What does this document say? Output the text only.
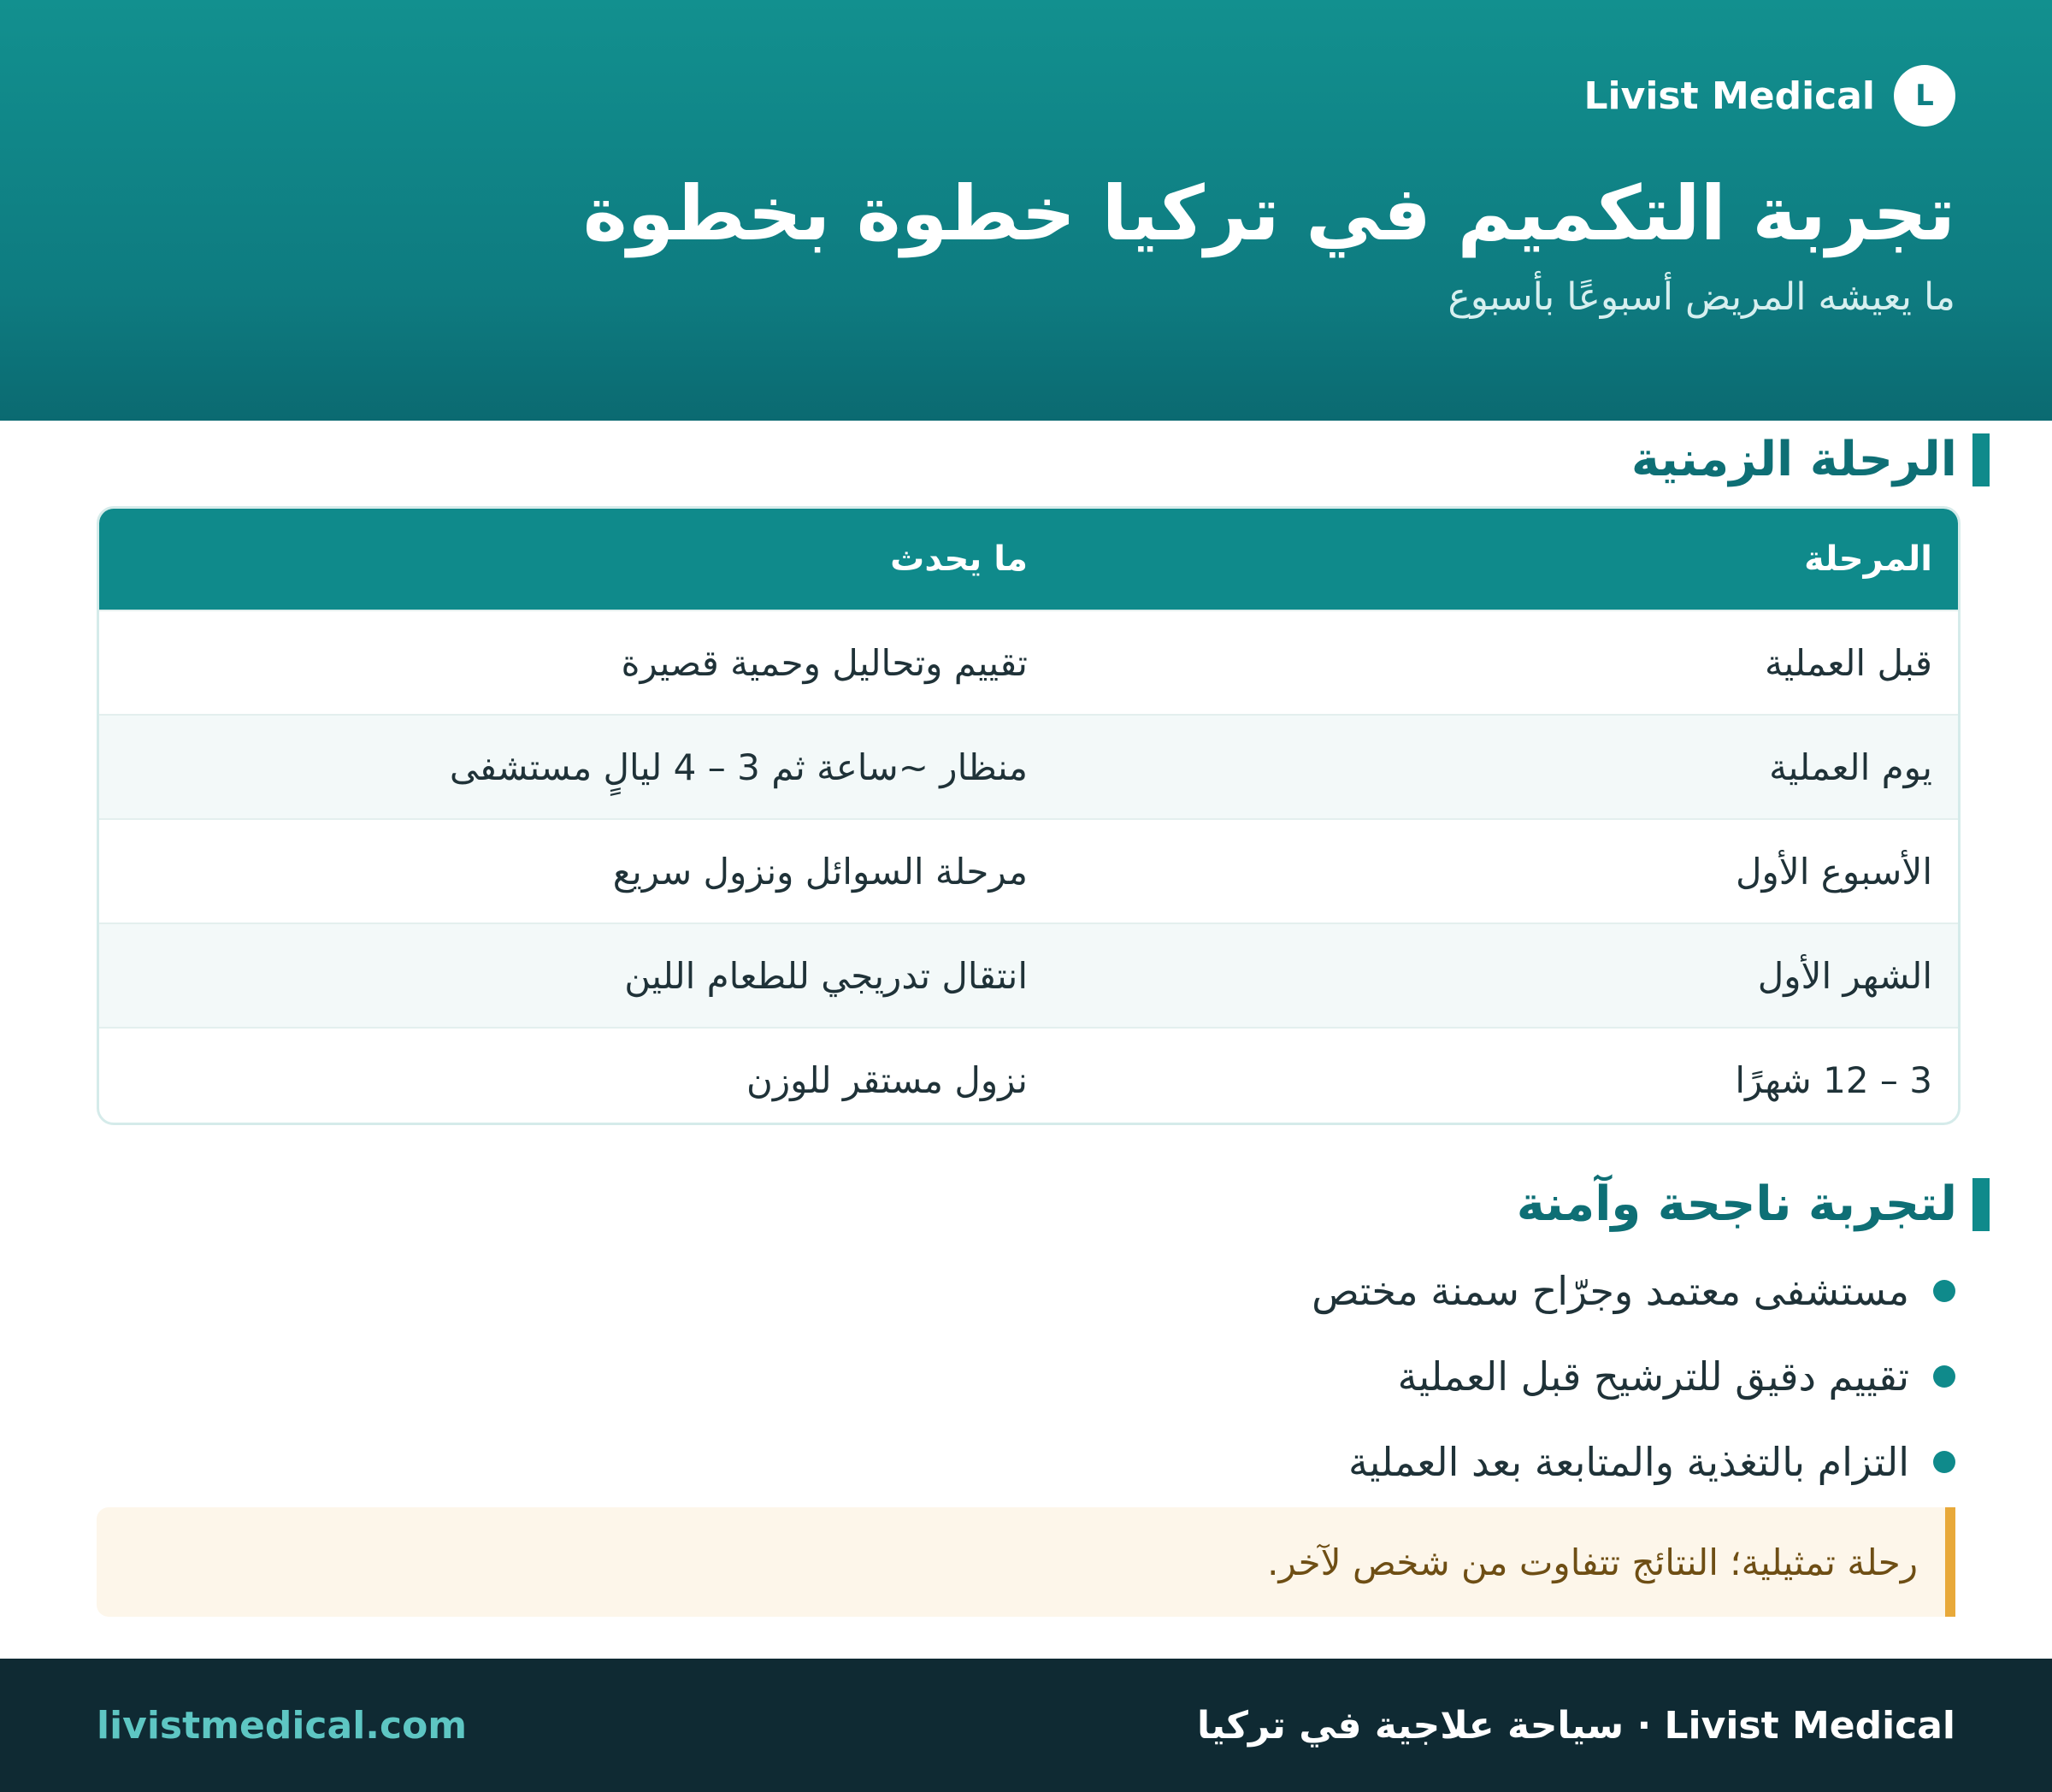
L
Livist Medical
تجربة التكميم في تركيا خطوة بخطوة
ما يعيشه المريض أسبوعًا بأسبوع
الرحلة الزمنية
المرحلة
ما يحدث
قبل العملية
تقييم وتحاليل وحمية قصيرة
يوم العملية
منظار ~ساعة ثم 3 – 4 ليالٍ مستشفى
الأسبوع الأول
مرحلة السوائل ونزول سريع
الشهر الأول
انتقال تدريجي للطعام اللين
3 – 12 شهرًا
نزول مستقر للوزن
لتجربة ناجحة وآمنة
مستشفى معتمد وجرّاح سمنة مختص
تقييم دقيق للترشيح قبل العملية
التزام بالتغذية والمتابعة بعد العملية
رحلة تمثيلية؛ النتائج تتفاوت من شخص لآخر.
livistmedical.com	Livist Medical · سياحة علاجية في تركيا
